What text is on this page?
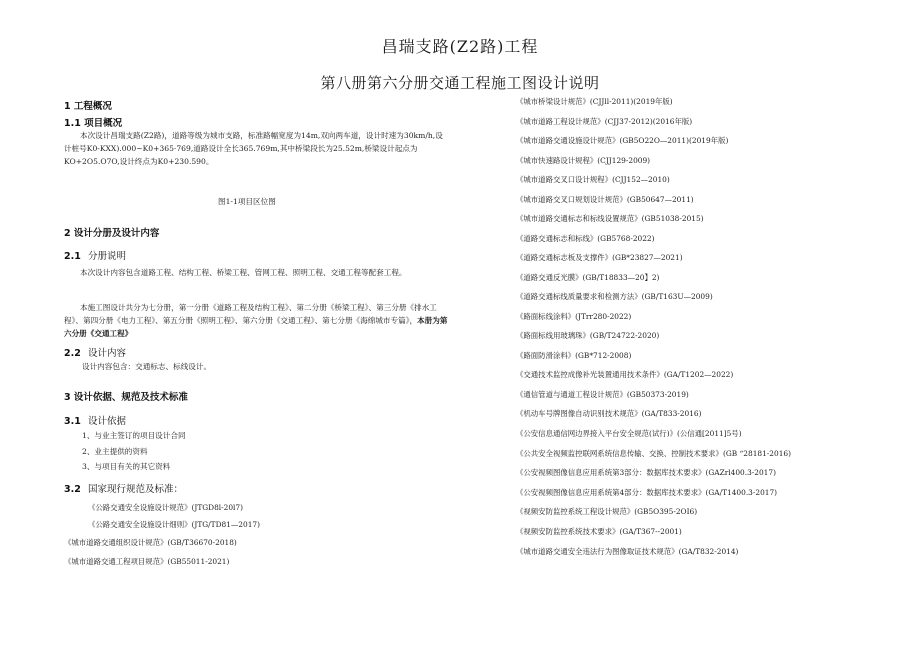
昌瑞支路(Z2路)工程
第八册第六分册交通工程施工图设计说明
1 工程概况
1.1 项目概况
本次设计昌瑞支路(Z2路)，道路等级为城市支路，标准路幅宽度为14m,双向两车道，设计时速为30km/h,设计桩号K0-KXX).000~K0+365·769,道路设计全长365.769m,其中桥梁段长为25.52m,桥梁设计起点为KO+2O5.O7O,设计终点为K0+230.590。
图1-1项目区位图
2 设计分册及设计内容
2.1 分册说明
本次设计内容包含道路工程、结构工程、桥梁工程、管网工程、照明工程、交通工程等配套工程。
本施工图设计共分为七分册，第一分册《道路工程及结构工程》、第二分册《桥梁工程》、第三分册《排水工程》、第四分册《电力工程》、第五分册《照明工程》、第六分册《交通工程》、第七分册《海绵城市专篇》，本册为第六分册《交通工程》
2.2 设计内容
设计内容包含：交通标志、标线设计。
3 设计依据、规范及技术标准
3.1 设计依据
1、与业主签订的项目设计合同
2、业主提供的资料
3、与项目有关的其它资料
3.2 国家现行规范及标准：
《公路交通安全设施设计规范》(JTGD8l-20l7)
《公路交通安全设施设计细则》(JTG/TD81—2017)
《城市道路交通组织设计规范》(GB/T36670-2018)
《城市道路交通工程项目规范》(GB55011-2021)
《城市桥梁设计规范》(CJJll-2011)(2019年版)
《城市道路工程设计规范》(CJJ37-2012)(2016年版)
《城市道路交通设施设计规范》(GB5O22O—2011)(2019年版)
《城市快速路设计规程》(CJJ129-2009)
《城市道路交叉口设计规程》(CJJ152—2010)
《城市道路交叉口规划设计规范》(GB50647—2011)
《城市道路交通标志和标线设置规范》(GB51038-2015)
《道路交通标志和标线》(GB5768-2022)
《道路交通标志板及支撑件》(GB*23827—2021)
《道路交通反光膜》(GB/T18833—20】2)
《道路交通标线质量要求和检测方法》(GB/T163U—2009)
《路面标线涂料》(JTrr280-2022)
《路面标线用玻璃珠》(GB/T24722-2020)
《路面防滑涂料》(GB*712-2008)
《交通技术监控成像补光装置通用技术条件》(GA/T1202—2022)
《通信管道与通道工程设计规范》(GB50373-2019)
《机动车号牌图像自动识别技术规范》(GA/T833-2016)
《公安信息通信网边界接入平台安全规范(试行)》(公信通[2011]5号)
《公共安全视频监控联网系统信息传输、交换、控制技术要求》(GB “28181-2016)
《公安视频图像信息应用系统第3部分：数据库技术要求》(GAZrl400.3-2017)
《公安视频图像信息应用系统第4部分：数据库技术要求》(GA/T1400.3-2017)
《视频安防监控系统工程设计规范》(GB5O395-2OI6)
《视频安防监控系统技术要求》(GA/T367--2001)
《城市道路交通安全违法行为图像取证技术规范》(GA/T832-2014)
